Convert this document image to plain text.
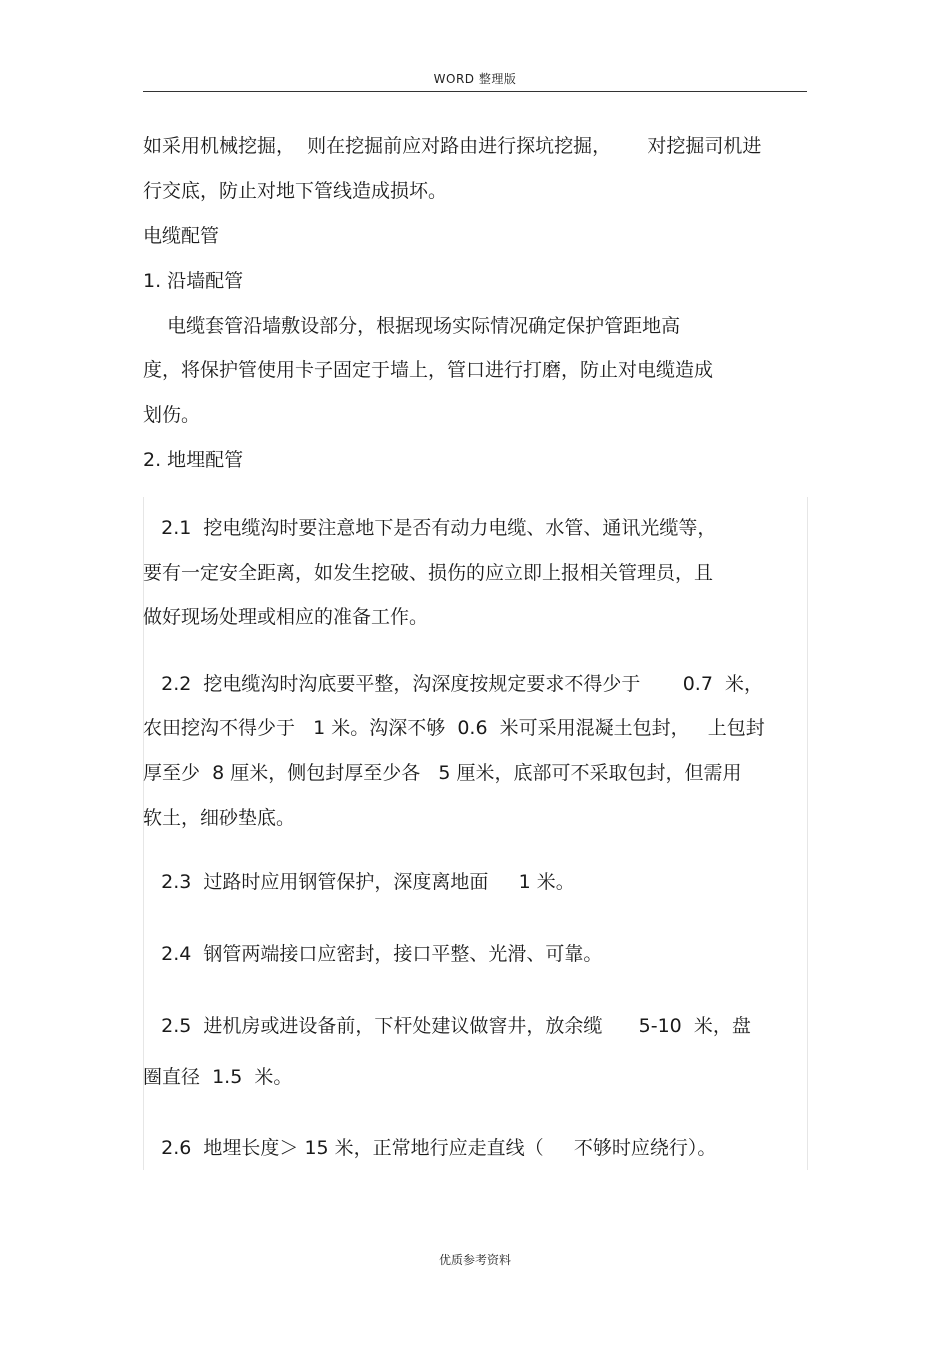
WORD 整理版
如采用机械挖掘，  则在挖掘前应对路由进行探坑挖掘，      对挖掘司机进
行交底，防止对地下管线造成损坏。
电缆配管
1. 沿墙配管
电缆套管沿墙敷设部分，根据现场实际情况确定保护管距地高
度，将保护管使用卡子固定于墙上，管口进行打磨，防止对电缆造成
划伤。
2. 地埋配管
2.1  挖电缆沟时要注意地下是否有动力电缆、水管、通讯光缆等，
要有一定安全距离，如发生挖破、损伤的应立即上报相关管理员，且
做好现场处理或相应的准备工作。
2.2  挖电缆沟时沟底要平整，沟深度按规定要求不得少于       0.7  米，
农田挖沟不得少于   1 米。沟深不够  0.6  米可采用混凝土包封，   上包封
厚至少  8 厘米，侧包封厚至少各   5 厘米，底部可不采取包封，但需用
软土，细砂垫底。
2.3  过路时应用钢管保护，深度离地面     1 米。
2.4  钢管两端接口应密封，接口平整、光滑、可靠。
2.5  进机房或进设备前，下杆处建议做窨井，放余缆      5-10  米，盘
圈直径  1.5  米。
2.6  地埋长度＞ 15 米，正常地行应走直线（     不够时应绕行）。
优质参考资料
